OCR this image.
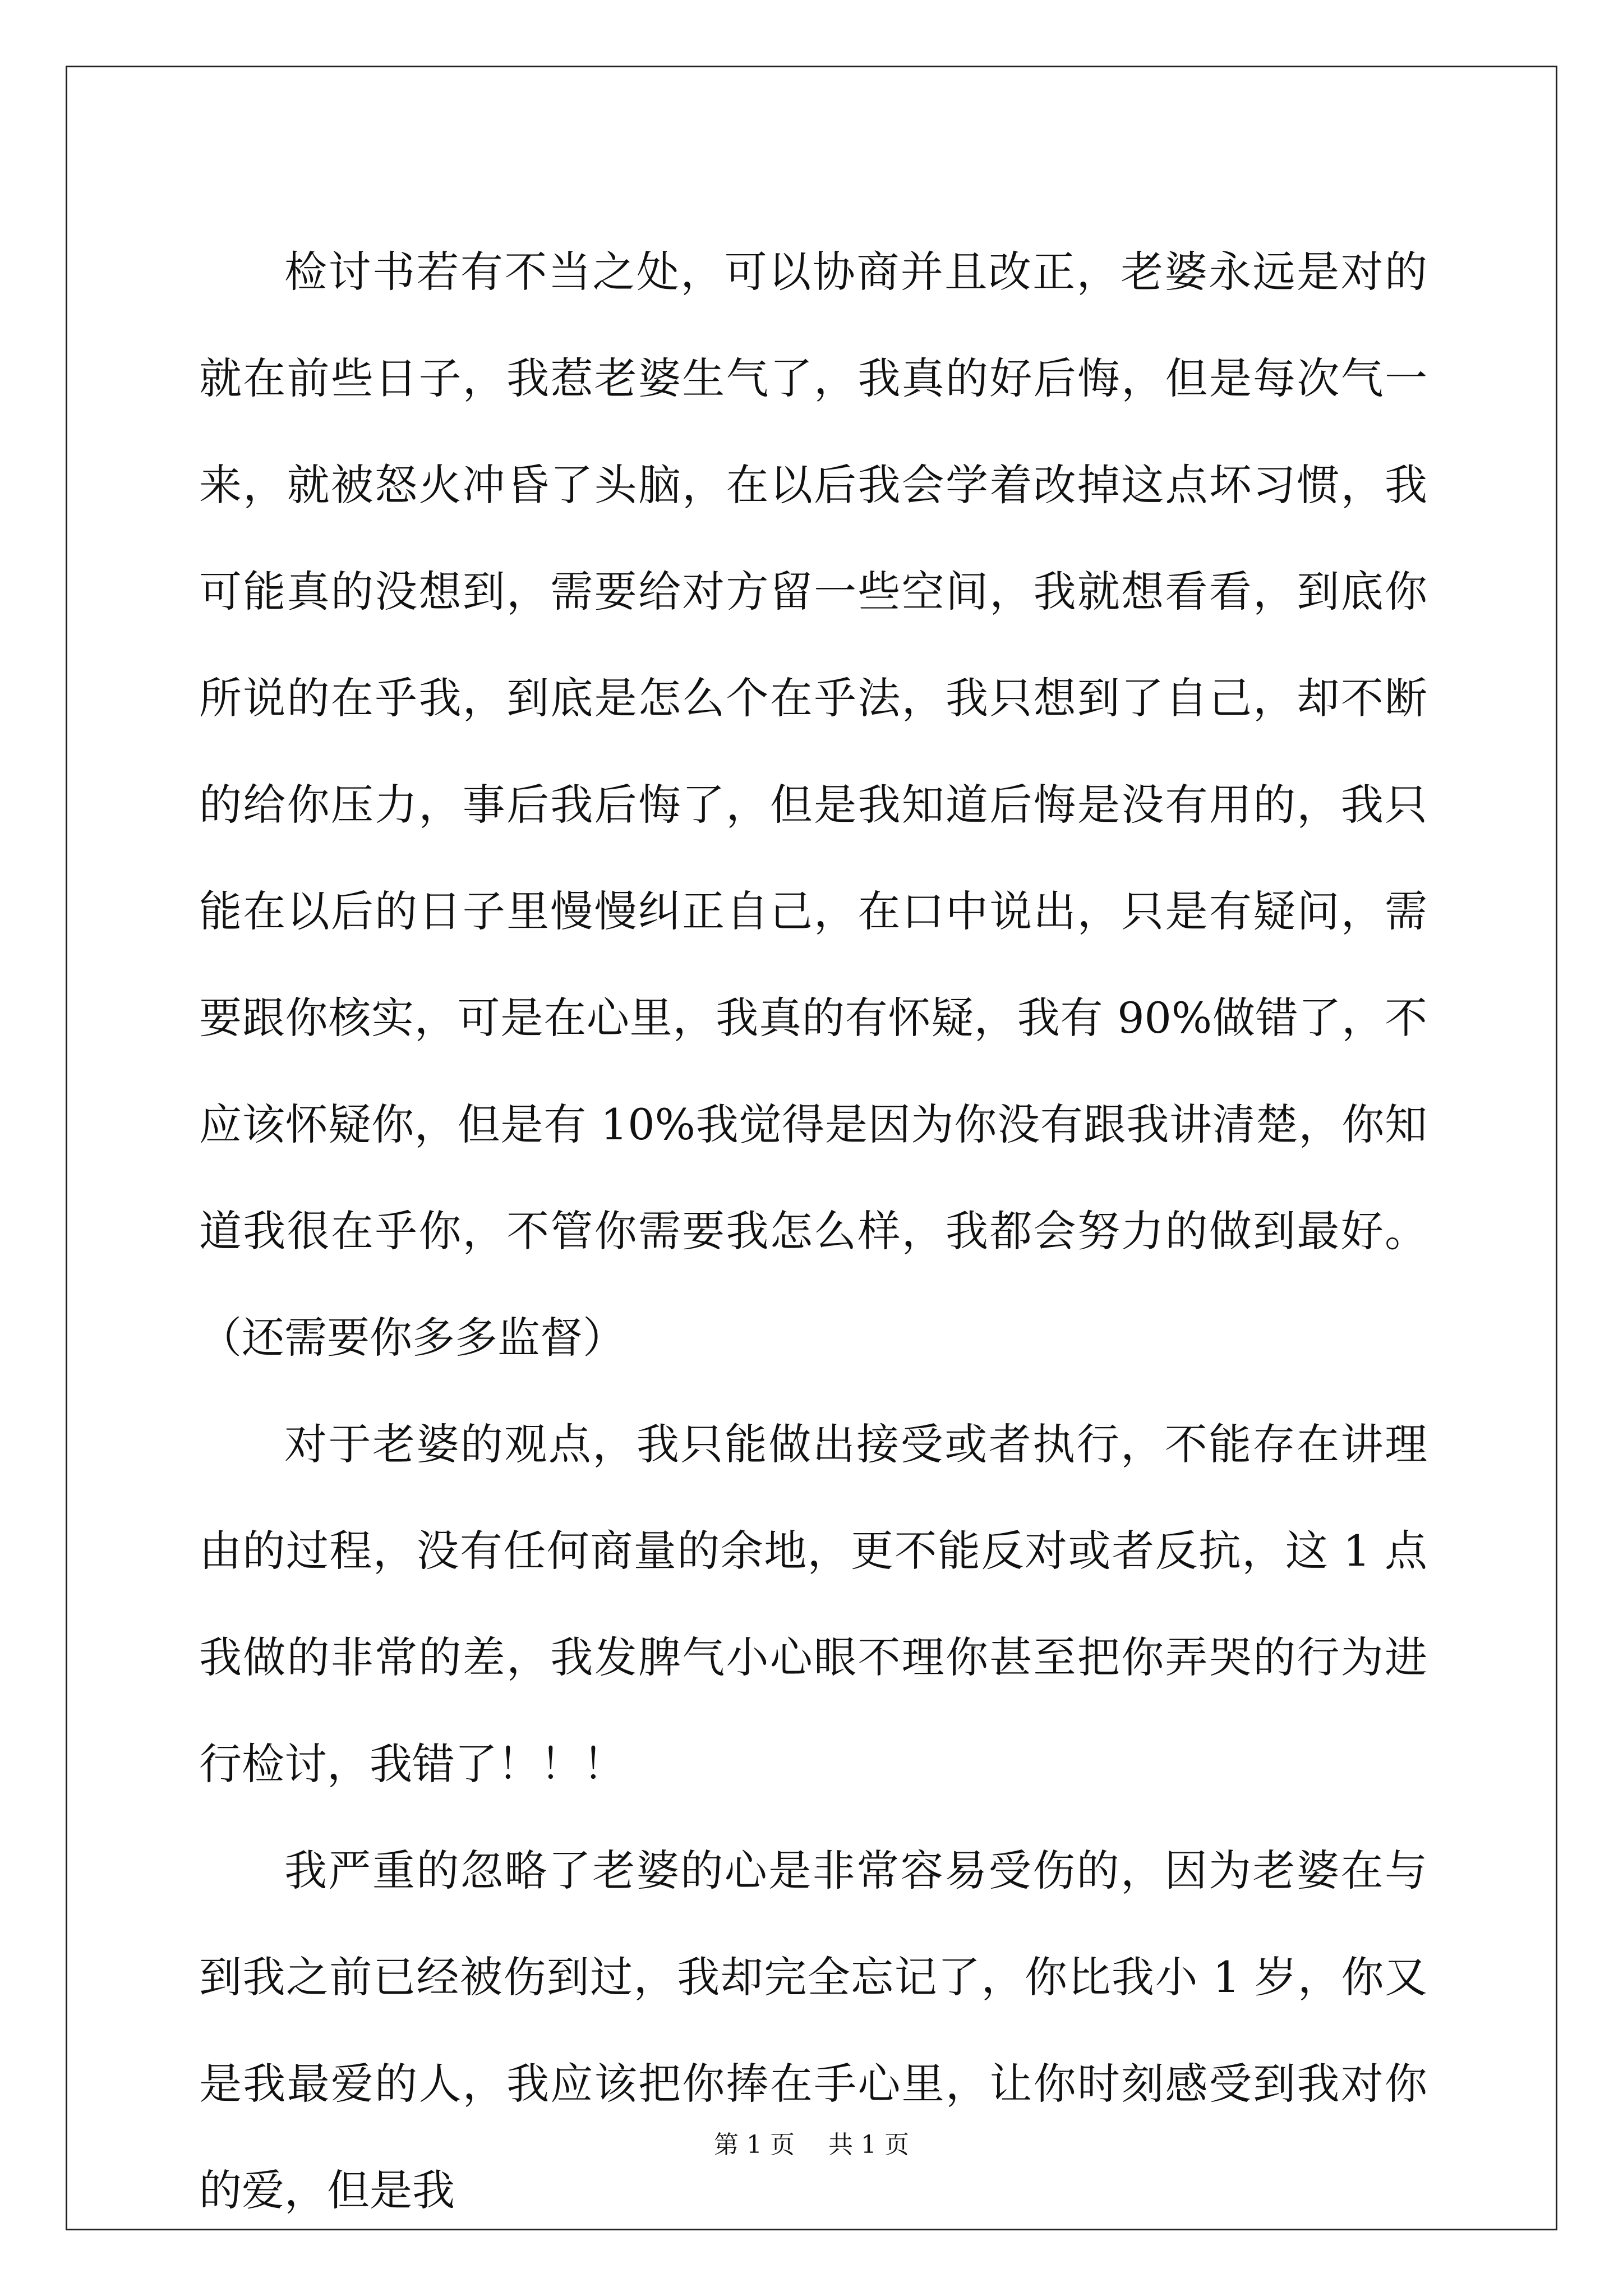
检讨书若有不当之处，可以协商并且改正，老婆永远是对的 就在前些日子，我惹老婆生气了，我真的好后悔，但是每次气一来，就被怒火冲昏了头脑，在以后我会学着改掉这点坏习惯，我可能真的没想到，需要给对方留一些空间，我就想看看，到底你所说的在乎我，到底是怎么个在乎法，我只想到了自己，却不断的给你压力，事后我后悔了，但是我知道后悔是没有用的，我只能在以后的日子里慢慢纠正自己，在口中说出，只是有疑问，需要跟你核实，可是在心里，我真的有怀疑，我有 90%做错了，不应该怀疑你，但是有 10%我觉得是因为你没有跟我讲清楚，你知道我很在乎你，不管你需要我怎么样，我都会努力的做到最好。（还需要你多多监督）

对于老婆的观点，我只能做出接受或者执行，不能存在讲理由的过程，没有任何商量的余地，更不能反对或者反抗，这 1 点我做的非常的差，我发脾气小心眼不理你甚至把你弄哭的行为进行检讨，我错了！！！

我严重的忽略了老婆的心是非常容易受伤的，因为老婆在与到我之前已经被伤到过，我却完全忘记了，你比我小 1 岁，你又是我最爱的人，我应该把你捧在手心里，让你时刻感受到我对你的爱，但是我

第 1 页 共 1 页
